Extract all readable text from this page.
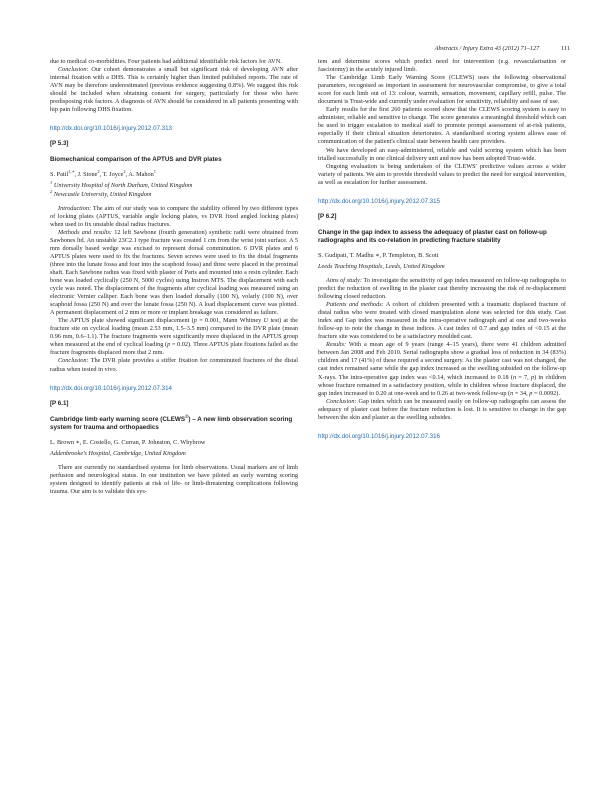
Abstracts / Injury Extra 43 (2012) 71–127	111

due to medical co-morbidities. Four patients had additional identifiable risk factors for AVN.

Conclusion: Our cohort demonstrates a small but significant risk of developing AVN after internal fixation with a DHS. This is certainly higher than limited published reports. The rate of AVN may be therefore underestimated (previous evidence suggesting 0.8%). We suggest this risk should be included when obtaining consent for surgery, particularly for those who have predisposing risk factors. A diagnosis of AVN should be considered in all patients presenting with hip pain following DHS fixation.

http://dx.doi.org/10.1016/j.injury.2012.07.313

[P 5.3]

Biomechanical comparison of the APTUS and DVR plates

S. Patil$^{1,∗}$, J. Stone$^2$, T. Joyce$^2$, A. Mahon$^1$

$^1$ University Hospital of North Durham, United Kingdom
$^2$ Newcastle University, United Kingdom

Introduction: The aim of our study was to compare the stability offered by two different types of locking plates (APTUS, variable angle locking plates, vs DVR fixed angled locking plates) when used to fix unstable distal radius fractures.

Methods and results: 12 left Sawbone (fourth generation) synthetic radii were obtained from Sawbones ltd. An unstable 23C2.1 type fracture was created 1 cm from the wrist joint surface. A 5 mm dorsally based wedge was excised to represent dorsal comminution. 6 DVR plates and 6 APTUS plates were used to fix the fractures. Seven screws were used to fix the distal fragments (three into the lunate fossa and four into the scaphoid fossa) and three were placed in the proximal shaft. Each Sawbone radius was fixed with plaster of Paris and mounted into a resin cylinder. Each bone was loaded cyclically (250 N, 5000 cycles) using Instron MTS. The displacement with each cycle was noted. The displacement of the fragments after cyclical loading was measured using an electronic Vernier calliper. Each bone was then loaded dorsally (100 N), volarly (100 N), over scaphoid fossa (250 N) and over the lunate fossa (250 N). A load displacement curve was plotted. A permanent displacement of 2 mm or more or implant breakage was considered as failure.

The APTUS plate showed significant displacement (p = 0.001, Mann Whitney U test) at the fracture site on cyclical loading (mean 2.53 mm, 1.5–3.5 mm) compared to the DVR plate (mean 0.96 mm, 0.6–1.1). The fracture fragments were significantly more displaced in the APTUS group when measured at the end of cyclical loading (p = 0.02). Three APTUS plate fixations failed as the fracture fragments displaced more that 2 mm.

Conclusion: The DVR plate provides a stiffer fixation for comminuted fractures of the distal radius when tested in vivo.

http://dx.doi.org/10.1016/j.injury.2012.07.314

[P 6.1]

Cambridge limb early warning score (CLEWS©) – A new limb observation scoring system for trauma and orthopaedics

L. Brown ∗, E. Costello, G. Curran, P. Johnston, C. Whybrow

Addenbrooke's Hospital, Cambridge, United Kingdom

There are currently no standardised systems for limb observations. Usual markers are of limb perfusion and neurological status. In our institution we have piloted an early warning scoring system designed to identify patients at risk of life- or limb-threatening complications following trauma. Our aim is to validate this sys-

tem and determine scores which predict need for intervention (e.g. revascularisation or fasciotomy) in the acutely injured limb.

The Cambridge Limb Early Warning Score (CLEWS) uses the following observational parameters, recognised as important in assessment for neurovascular compromise, to give a total score for each limb out of 13: colour, warmth, sensation, movement, capillary refill, pulse. The document is Trust-wide and currently under evaluation for sensitivity, reliability and ease of use.

Early results for the first 260 patients scored show that the CLEWS scoring system is easy to administer, reliable and sensitive to change. The score generates a meaningful threshold which can be used to trigger escalation to medical staff to promote prompt assessment of at-risk patients, especially if their clinical situation deteriorates. A standardised scoring system allows ease of communication of the patient's clinical state between health care providers.

We have developed an easy-administered, reliable and valid scoring system which has been trialled successfully in one clinical delivery unit and now has been adopted Trust-wide.

Ongoing evaluation is being undertaken of the CLEWS' predictive values across a wider variety of patients. We aim to provide threshold values to predict the need for surgical intervention, as well as escalation for further assessment.

http://dx.doi.org/10.1016/j.injury.2012.07.315

[P 6.2]

Change in the gap index to assess the adequacy of plaster cast on follow-up radiographs and its co-relation in predicting fracture stability

S. Gudipati, T. Madhu ∗, P. Templeton, B. Scott

Leeds Teaching Hospitals, Leeds, United Kingdom

Aims of study: To investigate the sensitivity of gap index measured on follow-up radiographs to predict the reduction of swelling in the plaster cast thereby increasing the risk of re-displacement following closed reduction.

Patients and methods: A cohort of children presented with a traumatic displaced fracture of distal radius who were treated with closed manipulation alone was selected for this study. Cast index and Gap index was measured in the intra-operative radiograph and at one and two-weeks follow-up to note the change in these indices. A cast index of 0.7 and gap index of <0.15 at the fracture site was considered to be a satisfactory moulded cast.

Results: With a mean age of 9 years (range 4–15 years), there were 41 children admitted between Jan 2008 and Feb 2010. Serial radiographs show a gradual loss of reduction in 34 (83%) children and 17 (41%) of these required a second surgery. As the plaster cast was not changed, the cast index remained same while the gap index increased as the swelling subsided on the follow-up X-rays. The intra-operative gap index was <0.14, which increased to 0.18 (n = 7, p) in children whose fracture remained in a satisfactory position, while in children whose fracture displaced, the gap index increased to 0.20 at one-week and to 0.26 at two-week follow-up (n = 34, p = 0.0092).

Conclusion: Gap index which can be measured easily on follow-up radiographs can assess the adequacy of plaster cast before the fracture reduction is lost. It is sensitive to change in the gap between the skin and plaster as the swelling subsides.

http://dx.doi.org/10.1016/j.injury.2012.07.316
